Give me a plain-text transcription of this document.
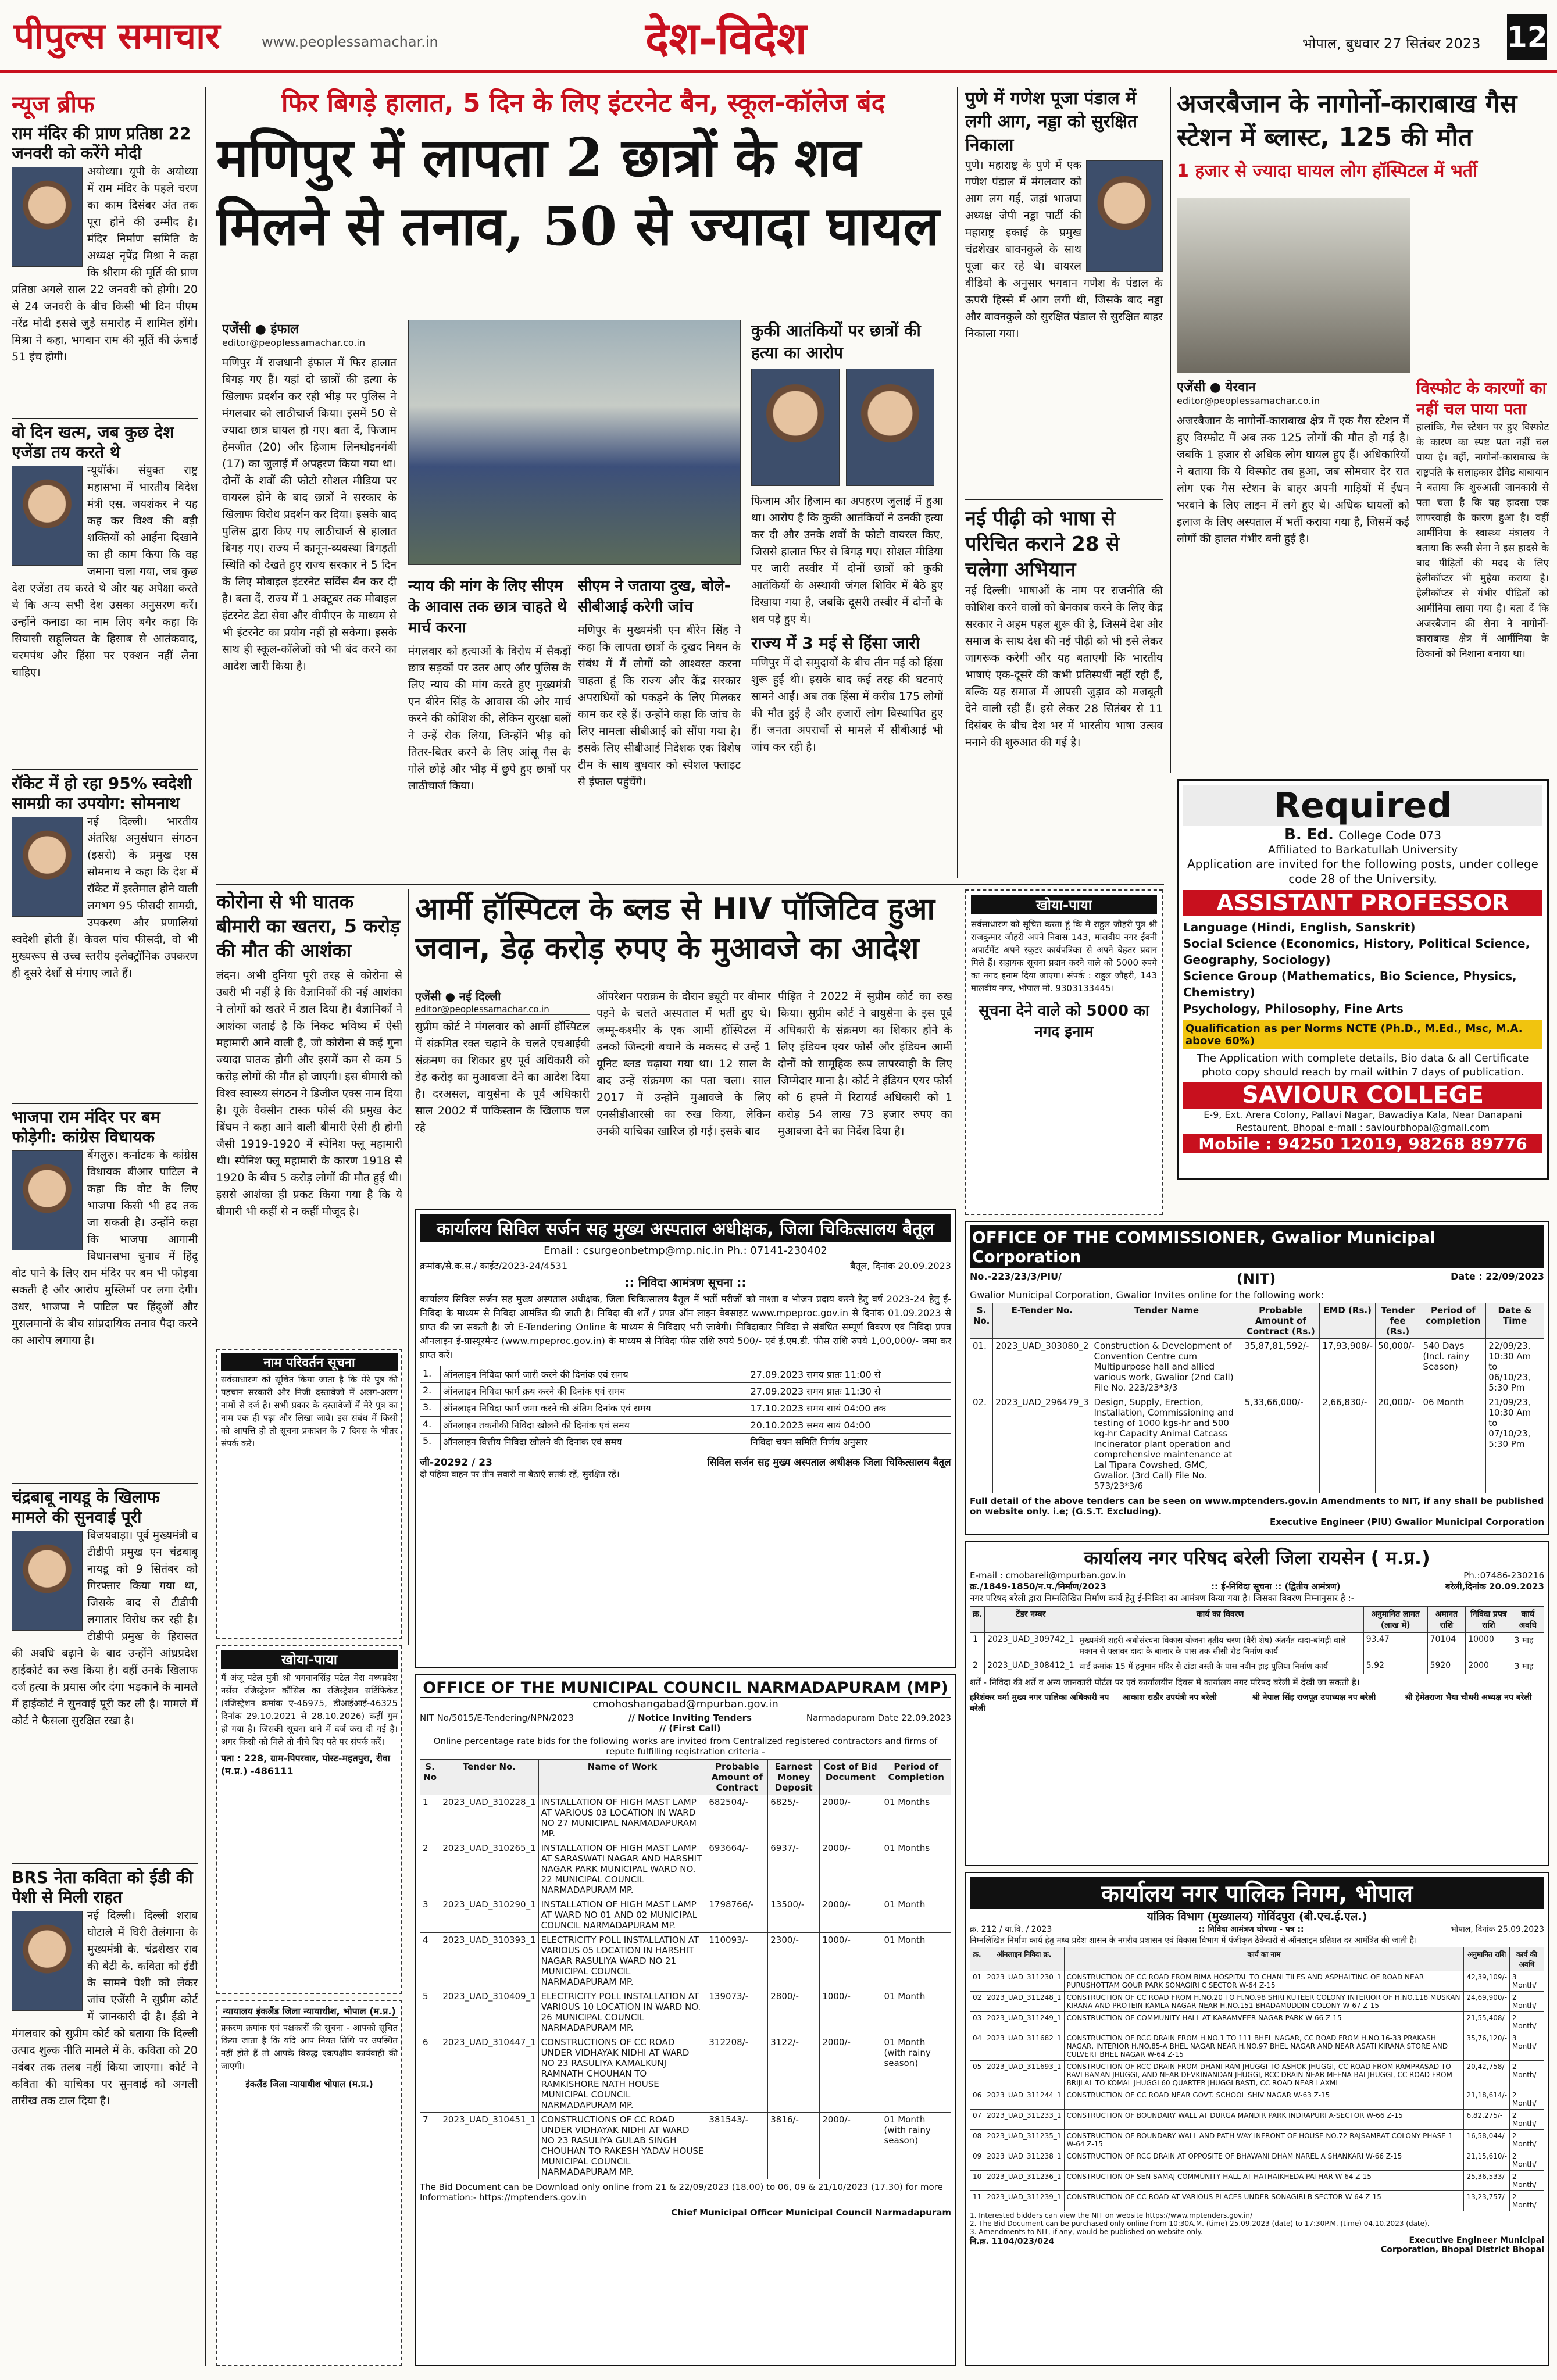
पीपुल्स समाचार	www.peoplessamachar.in	देश-विदेश	भोपाल, बुधवार 27 सितंबर 2023 12
न्यूज ब्रीफ
राम मंदिर की प्राण प्रतिष्ठा 22 जनवरी को करेंगे मोदी
अयोध्या। यूपी के अयोध्या में राम मंदिर के पहले चरण का काम दिसंबर अंत तक पूरा होने की उम्मीद है। मंदिर निर्माण समिति के अध्यक्ष नृपेंद्र मिश्रा ने कहा कि श्रीराम की मूर्ति की प्राण प्रतिष्ठा अगले साल 22 जनवरी को होगी। 20 से 24 जनवरी के बीच किसी भी दिन पीएम नरेंद्र मोदी इससे जुड़े समारोह में शामिल होंगे। मिश्रा ने कहा, भगवान राम की मूर्ति की ऊंचाई 51 इंच होगी।
वो दिन खत्म, जब कुछ देश एजेंडा तय करते थे
न्यूयॉर्क। संयुक्त राष्ट्र महासभा में भारतीय विदेश मंत्री एस. जयशंकर ने यह कह कर विश्व की बड़ी शक्तियों को आईना दिखाने का ही काम किया कि वह जमाना चला गया, जब कुछ देश एजेंडा तय करते थे और यह अपेक्षा करते थे कि अन्य सभी देश उसका अनुसरण करें। उन्होंने कनाडा का नाम लिए बगैर कहा कि सियासी सहूलियत के हिसाब से आतंकवाद, चरमपंथ और हिंसा पर एक्शन नहीं लेना चाहिए।
रॉकेट में हो रहा 95% स्वदेशी सामग्री का उपयोग: सोमनाथ
नई दिल्ली। भारतीय अंतरिक्ष अनुसंधान संगठन (इसरो) के प्रमुख एस सोमनाथ ने कहा कि देश में रॉकेट में इस्तेमाल होने वाली लगभग 95 फीसदी सामग्री, उपकरण और प्रणालियां स्वदेशी होती हैं। केवल पांच फीसदी, वो भी मुख्यरूप से उच्च स्तरीय इलेक्ट्रॉनिक उपकरण ही दूसरे देशों से मंगाए जाते हैं।
भाजपा राम मंदिर पर बम फोड़ेगी: कांग्रेस विधायक
बेंगलुरु। कर्नाटक के कांग्रेस विधायक बीआर पाटिल ने कहा कि वोट के लिए भाजपा किसी भी हद तक जा सकती है। उन्होंने कहा कि भाजपा आगामी विधानसभा चुनाव में हिंदू वोट पाने के लिए राम मंदिर पर बम भी फोड़वा सकती है और आरोप मुस्लिमों पर लगा देगी। उधर, भाजपा ने पाटिल पर हिंदुओं और मुसलमानों के बीच सांप्रदायिक तनाव पैदा करने का आरोप लगाया है।
चंद्रबाबू नायडू के खिलाफ मामले की सुनवाई पूरी
विजयवाड़ा। पूर्व मुख्यमंत्री व टीडीपी प्रमुख एन चंद्रबाबू नायडू को 9 सितंबर को गिरफ्तार किया गया था, जिसके बाद से टीडीपी लगातार विरोध कर रही है। टीडीपी प्रमुख के हिरासत की अवधि बढ़ाने के बाद उन्होंने आंध्रप्रदेश हाईकोर्ट का रुख किया है। वहीं उनके खिलाफ दर्ज हत्या के प्रयास और दंगा भड़काने के मामले में हाईकोर्ट ने सुनवाई पूरी कर ली है। मामले में कोर्ट ने फैसला सुरक्षित रखा है।
BRS नेता कविता को ईडी की पेशी से मिली राहत
नई दिल्ली। दिल्ली शराब घोटाले में घिरी तेलंगाना के मुख्यमंत्री के. चंद्रशेखर राव की बेटी के. कविता को ईडी के सामने पेशी को लेकर जांच एजेंसी ने सुप्रीम कोर्ट में जानकारी दी है। ईडी ने मंगलवार को सुप्रीम कोर्ट को बताया कि दिल्ली उत्पाद शुल्क नीति मामले में के. कविता को 20 नवंबर तक तलब नहीं किया जाएगा। कोर्ट ने कविता की याचिका पर सुनवाई को अगली तारीख तक टाल दिया है।
फिर बिगड़े हालात, 5 दिन के लिए इंटरनेट बैन, स्कूल-कॉलेज बंद
मणिपुर में लापता 2 छात्रों के शव मिलने से तनाव, 50 से ज्यादा घायल
एजेंसी ● इंफाल
editor@peoplessamachar.co.in
मणिपुर में राजधानी इंफाल में फिर हालात बिगड़ गए हैं। यहां दो छात्रों की हत्या के खिलाफ प्रदर्शन कर रही भीड़ पर पुलिस ने मंगलवार को लाठीचार्ज किया। इसमें 50 से ज्यादा छात्र घायल हो गए। बता दें, फिजाम हेमजीत (20) और हिजाम लिनथोइनगंबी (17) का जुलाई में अपहरण किया गया था। दोनों के शवों की फोटो सोशल मीडिया पर वायरल होने के बाद छात्रों ने सरकार के खिलाफ विरोध प्रदर्शन कर दिया। इसके बाद पुलिस द्वारा किए गए लाठीचार्ज से हालात बिगड़ गए। राज्य में कानून-व्यवस्था बिगड़ती स्थिति को देखते हुए राज्य सरकार ने 5 दिन के लिए मोबाइल इंटरनेट सर्विस बैन कर दी है। बता दें, राज्य में 1 अक्टूबर तक मोबाइल इंटरनेट डेटा सेवा और वीपीएन के माध्यम से भी इंटरनेट का प्रयोग नहीं हो सकेगा। इसके साथ ही स्कूल-कॉलेजों को भी बंद करने का आदेश जारी किया है।
न्याय की मांग के लिए सीएम के आवास तक छात्र चाहते थे मार्च करना
मंगलवार को हत्याओं के विरोध में सैकड़ों छात्र सड़कों पर उतर आए और पुलिस के लिए न्याय की मांग करते हुए मुख्यमंत्री एन बीरेन सिंह के आवास की ओर मार्च करने की कोशिश की, लेकिन सुरक्षा बलों ने उन्हें रोक लिया, जिन्होंने भीड़ को तितर-बितर करने के लिए आंसू गैस के गोले छोड़े और भीड़ में छुपे हुए छात्रों पर लाठीचार्ज किया।
सीएम ने जताया दुख, बोले-सीबीआई करेगी जांच
मणिपुर के मुख्यमंत्री एन बीरेन सिंह ने कहा कि लापता छात्रों के दुखद निधन के संबंध में मैं लोगों को आश्वस्त करना चाहता हूं कि राज्य और केंद्र सरकार अपराधियों को पकड़ने के लिए मिलकर काम कर रहे हैं। उन्होंने कहा कि जांच के लिए मामला सीबीआई को सौंपा गया है। इसके लिए सीबीआई निदेशक एक विशेष टीम के साथ बुधवार को स्पेशल फ्लाइट से इंफाल पहुंचेंगे।
कुकी आतंकियों पर छात्रों की हत्या का आरोप

फिजाम और हिजाम का अपहरण जुलाई में हुआ था। आरोप है कि कुकी आतंकियों ने उनकी हत्या कर दी और उनके शवों के फोटो वायरल किए, जिससे हालात फिर से बिगड़ गए। सोशल मीडिया पर जारी तस्वीर में दोनों छात्रों को कुकी आतंकियों के अस्थायी जंगल शिविर में बैठे हुए दिखाया गया है, जबकि दूसरी तस्वीर में दोनों के शव पड़े हुए थे।
राज्य में 3 मई से हिंसा जारी
मणिपुर में दो समुदायों के बीच तीन मई को हिंसा शुरू हुई थी। इसके बाद कई तरह की घटनाएं सामने आईं। अब तक हिंसा में करीब 175 लोगों की मौत हुई है और हजारों लोग विस्थापित हुए हैं। जनता अपराधों से मामले में सीबीआई भी जांच कर रही है।
पुणे में गणेश पूजा पंडाल में लगी आग, नड्डा को सुरक्षित निकाला
पुणे। महाराष्ट्र के पुणे में एक गणेश पंडाल में मंगलवार को आग लग गई, जहां भाजपा अध्यक्ष जेपी नड्डा पार्टी की महाराष्ट्र इकाई के प्रमुख चंद्रशेखर बावनकुले के साथ पूजा कर रहे थे। वायरल वीडियो के अनुसार भगवान गणेश के पंडाल के ऊपरी हिस्से में आग लगी थी, जिसके बाद नड्डा और बावनकुले को सुरक्षित पंडाल से सुरक्षित बाहर निकाला गया।
नई पीढ़ी को भाषा से परिचित कराने 28 से चलेगा अभियान
नई दिल्ली। भाषाओं के नाम पर राजनीति की कोशिश करने वालों को बेनकाब करने के लिए केंद्र सरकार ने अहम पहल शुरू की है, जिसमें देश और समाज के साथ देश की नई पीढ़ी को भी इसे लेकर जागरूक करेगी और यह बताएगी कि भारतीय भाषाएं एक-दूसरे की कभी प्रतिस्पर्धी नहीं रही हैं, बल्कि यह समाज में आपसी जुड़ाव को मजबूती देने वाली रही हैं। इसे लेकर 28 सितंबर से 11 दिसंबर के बीच देश भर में भारतीय भाषा उत्सव मनाने की शुरुआत की गई है।
अजरबैजान के नागोर्नो-काराबाख गैस स्टेशन में ब्लास्ट, 125 की मौत
1 हजार से ज्यादा घायल लोग हॉस्पिटल में भर्ती
विस्फोट के कारणों का नहीं चल पाया पता
हालांकि, गैस स्टेशन पर हुए विस्फोट के कारण का स्पष्ट पता नहीं चल पाया है। वहीं, नागोर्नो-काराबाख के राष्ट्रपति के सलाहकार डेविड बाबायान ने बताया कि शुरुआती जानकारी से पता चला है कि यह हादसा एक लापरवाही के कारण हुआ है। वहीं आर्मीनिया के स्वास्थ्य मंत्रालय ने बताया कि रूसी सेना ने इस हादसे के बाद पीड़ितों की मदद के लिए हेलीकॉप्टर भी मुहैया कराया है। हेलीकॉप्टर से गंभीर पीड़ितों को आर्मीनिया लाया गया है। बता दें कि अजरबैजान की सेना ने नागोर्नो-काराबाख क्षेत्र में आर्मीनिया के ठिकानों को निशाना बनाया था।
एजेंसी ● येरवान
editor@peoplessamachar.co.in
अजरबैजान के नागोर्नो-काराबाख क्षेत्र में एक गैस स्टेशन में हुए विस्फोट में अब तक 125 लोगों की मौत हो गई है। जबकि 1 हजार से अधिक लोग घायल हुए हैं। अधिकारियों ने बताया कि ये विस्फोट तब हुआ, जब सोमवार देर रात लोग एक गैस स्टेशन के बाहर अपनी गाड़ियों में ईंधन भरवाने के लिए लाइन में लगे हुए थे। अधिक घायलों को इलाज के लिए अस्पताल में भर्ती कराया गया है, जिसमें कई लोगों की हालत गंभीर बनी हुई है।
कोरोना से भी घातक बीमारी का खतरा, 5 करोड़ की मौत की आशंका
लंदन। अभी दुनिया पूरी तरह से कोरोना से उबरी भी नहीं है कि वैज्ञानिकों की नई आशंका ने लोगों को खतरे में डाल दिया है। वैज्ञानिकों ने आशंका जताई है कि निकट भविष्य में ऐसी महामारी आने वाली है, जो कोरोना से कई गुना ज्यादा घातक होगी और इसमें कम से कम 5 करोड़ लोगों की मौत हो जाएगी। इस बीमारी को विश्व स्वास्थ्य संगठन ने डिजीज एक्स नाम दिया है। यूके वैक्सीन टास्क फोर्स की प्रमुख केट बिंघम ने कहा आने वाली बीमारी ऐसी ही होगी जैसी 1919-1920 में स्पेनिश फ्लू महामारी थी। स्पेनिश फ्लू महामारी के कारण 1918 से 1920 के बीच 5 करोड़ लोगों की मौत हुई थी। इससे आशंका ही प्रकट किया गया है कि ये बीमारी भी कहीं से न कहीं मौजूद है।
आर्मी हॉस्पिटल के ब्लड से HIV पॉजिटिव हुआ जवान, डेढ़ करोड़ रुपए के मुआवजे का आदेश
एजेंसी ● नई दिल्ली
editor@peoplessamachar.co.in
सुप्रीम कोर्ट ने मंगलवार को आर्मी हॉस्पिटल में संक्रमित रक्त चढ़ाने के चलते एचआईवी संक्रमण का शिकार हुए पूर्व अधिकारी को डेढ़ करोड़ का मुआवजा देने का आदेश दिया है। दरअसल, वायुसेना के पूर्व अधिकारी साल 2002 में पाकिस्तान के खिलाफ चल रहे
ऑपरेशन पराक्रम के दौरान ड्यूटी पर बीमार पड़ने के चलते अस्पताल में भर्ती हुए थे। जम्मू-कश्मीर के एक आर्मी हॉस्पिटल में उनको जिन्दगी बचाने के मकसद से उन्हें 1 यूनिट ब्लड चढ़ाया गया था। 12 साल के बाद उन्हें संक्रमण का पता चला। साल 2017 में उन्होंने मुआवजे के लिए एनसीडीआरसी का रुख किया, लेकिन उनकी याचिका खारिज हो गई। इसके बाद
पीड़ित ने 2022 में सुप्रीम कोर्ट का रुख किया। सुप्रीम कोर्ट ने वायुसेना के इस पूर्व अधिकारी के संक्रमण का शिकार होने के लिए इंडियन एयर फोर्स और इंडियन आर्मी दोनों को सामूहिक रूप लापरवाही के लिए जिम्मेदार माना है। कोर्ट ने इंडियन एयर फोर्स को 6 हफ्ते में रिटायर्ड अधिकारी को 1 करोड़ 54 लाख 73 हजार रुपए का मुआवजा देने का निर्देश दिया है।
खोया-पाया
सर्वसाधारण को सूचित करता हूं कि मैं राहुल जौहरी पुत्र श्री राजकुमार जौहरी अपने निवास 143, मालवीय नगर ईवनी अपार्टमेंट अपने स्कूटर कार्यपत्रिका से अपने बेहतर प्रदान मिले हैं। सहायक सूचना प्रदान करने वाले को 5000 रुपये का नगद इनाम दिया जाएगा। संपर्क : राहुल जौहरी, 143 मालवीय नगर, भोपाल मो. 9303133445।
सूचना देने वाले को 5000 का नगद इनाम
Required
B. Ed. College Code 073
Affiliated to Barkatullah University
Application are invited for the following posts, under college code 28 of the University.
ASSISTANT PROFESSOR
Language (Hindi, English, Sanskrit)
Social Science (Economics, History, Political Science, Geography, Sociology)
Science Group (Mathematics, Bio Science, Physics, Chemistry)
Psychology, Philosophy, Fine Arts
Qualification as per Norms NCTE (Ph.D., M.Ed., Msc, M.A. above 60%)
The Application with complete details, Bio data & all Certificate photo copy should reach by mail within 7 days of publication.
SAVIOUR COLLEGE
E-9, Ext. Arera Colony, Pallavi Nagar, Bawadiya Kala, Near Danapani Restaurent, Bhopal e-mail : saviourbhopal@gmail.com
Mobile : 94250 12019, 98268 89776
OFFICE OF THE COMMISSIONER, Gwalior Municipal Corporation
No.-223/23/3/PIU/	(NIT)	Date : 22/09/2023
Gwalior Municipal Corporation, Gwalior Invites online for the following work:
S. No.	E-Tender No.	Tender Name	Probable Amount of Contract (Rs.)	EMD (Rs.)	Tender fee (Rs.)	Period of completion	Date & Time
01.	2023_UAD_303080_2	Construction & Development of Convention Centre cum Multipurpose hall and allied various work, Gwalior (2nd Call) File No. 223/23*3/3	35,87,81,592/-	17,93,908/-	50,000/-	540 Days (Incl. rainy Season)	22/09/23, 10:30 Am to 06/10/23, 5:30 Pm
02.	2023_UAD_296479_3	Design, Supply, Erection, Installation, Commissioning and testing of 1000 kgs-hr and 500 kg-hr Capacity Animal Catcass Incinerator plant operation and comprehensive maintenance at Lal Tipara Cowshed, GMC, Gwalior. (3rd Call) File No. 573/23*3/6	5,33,66,000/-	2,66,830/-	20,000/-	06 Month	21/09/23, 10:30 Am to 07/10/23, 5:30 Pm
Full detail of the above tenders can be seen on www.mptenders.gov.in Amendments to NIT, if any shall be published on website only. i.e; (G.S.T. Excluding).
Executive Engineer (PIU) Gwalior Municipal Corporation
नाम परिवर्तन सूचना
सर्वसाधारण को सूचित किया जाता है कि मेरे पुत्र की पहचान सरकारी और निजी दस्तावेजों में अलग-अलग नामों से दर्ज है। सभी प्रकार के दस्तावेजों में मेरे पुत्र का नाम एक ही पढ़ा और लिखा जावे। इस संबंध में किसी को आपत्ति हो तो सूचना प्रकाशन के 7 दिवस के भीतर संपर्क करें।
कार्यालय सिविल सर्जन सह मुख्य अस्पताल अधीक्षक, जिला चिकित्सालय बैतूल
Email : csurgeonbetmp@mp.nic.in Ph.: 07141-230402
क्रमांक/से.क.स./ काईट/2023-24/4531	बैतूल, दिनांक 20.09.2023
:: निविदा आमंत्रण सूचना ::
कार्यालय सिविल सर्जन सह मुख्य अस्पताल अधीक्षक, जिला चिकित्सालय बैतूल में भर्ती मरीजों को नाश्ता व भोजन प्रदाय करने हेतु वर्ष 2023-24 हेतु ई-निविदा के माध्यम से निविदा आमंत्रित की जाती है। निविदा की शर्तें / प्रपत्र ऑन लाइन वेबसाइट www.mpeproc.gov.in से दिनांक 01.09.2023 से प्राप्त की जा सकती है। जो E-Tendering Online के माध्यम से निविदाएं भरी जावेगी। निविदाकार निविदा से संबंधित सम्पूर्ण विवरण एवं निविदा प्रपत्र ऑनलाइन ई-प्रास्यूरमेन्ट (www.mpeproc.gov.in) के माध्यम से निविदा फीस राशि रुपये 500/- एवं ई.एम.डी. फीस राशि रुपये 1,00,000/- जमा कर प्राप्त करें।
1.	ऑनलाइन निविदा फार्म जारी करने की दिनांक एवं समय	27.09.2023 समय प्रातः 11:00 से
2.	ऑनलाइन निविदा फार्म क्रय करने की दिनांक एवं समय	27.09.2023 समय प्रातः 11:30 से
3.	ऑनलाइन निविदा फार्म जमा करने की अंतिम दिनांक एवं समय	17.10.2023 समय सायं 04:00 तक
4.	ऑनलाइन तकनीकी निविदा खोलने की दिनांक एवं समय	20.10.2023 समय सायं 04:00
5.	ऑनलाइन वित्तीय निविदा खोलने की दिनांक एवं समय	निविदा चयन समिति निर्णय अनुसार
जी-20292 / 23	सिविल सर्जन सह मुख्य अस्पताल अधीक्षक जिला चिकित्सालय बैतूल
दो पहिया वाहन पर तीन सवारी ना बैठाएं सतर्क रहें, सुरक्षित रहें।
खोया-पाया
मैं अंजू पटेल पुत्री श्री भगवानसिंह पटेल मेरा मध्यप्रदेश नर्सेस रजिस्ट्रेशन कौंसिल का रजिस्ट्रेशन सर्टिफिकेट (रजिस्ट्रेशन क्रमांक ए-46975, डीआईआई-46325 दिनांक 29.10.2021 से 28.10.2026) कहीं गुम हो गया है। जिसकी सूचना थाने में दर्ज करा दी गई है। अगर किसी को मिले तो नीचे दिए पते पर संपर्क करें।
पता : 228, ग्राम-पिपरवार, पोस्ट-महतपुरा, रीवा (म.प्र.) -486111
न्यायालय इंकलैंड जिला न्यायाधीश, भोपाल (म.प्र.)
प्रकरण क्रमांक एवं पक्षकारों की सूचना - आपको सूचित किया जाता है कि यदि आप नियत तिथि पर उपस्थित नहीं होते हैं तो आपके विरुद्ध एकपक्षीय कार्यवाही की जाएगी।
इंकलैंड जिला न्यायाधीश भोपाल (म.प्र.)
OFFICE OF THE MUNICIPAL COUNCIL NARMADAPURAM (MP)
cmohoshangabad@mpurban.gov.in
NIT No/5015/E-Tendering/NPN/2023	// Notice Inviting Tenders // (First Call)
Narmadapuram Date 22.09.2023
Online percentage rate bids for the following works are invited from Centralized registered contractors and firms of repute fulfilling registration criteria -
S. No	Tender No.	Name of Work	Probable Amount of Contract	Earnest Money Deposit	Cost of Bid Document	Period of Completion
1	2023_UAD_310228_1	INSTALLATION OF HIGH MAST LAMP AT VARIOUS 03 LOCATION IN WARD NO 27 MUNICIPAL NARMADAPURAM MP.	682504/-	6825/-	2000/-	01 Months
2	2023_UAD_310265_1	INSTALLATION OF HIGH MAST LAMP AT SARASWATI NAGAR AND HARSHIT NAGAR PARK MUNICIPAL WARD NO. 22 MUNICIPAL COUNCIL NARMADAPURAM MP.	693664/-	6937/-	2000/-	01 Months
3	2023_UAD_310290_1	INSTALLATION OF HIGH MAST LAMP AT WARD NO 01 AND 02 MUNICIPAL COUNCIL NARMADAPURAM MP.	1798766/-	13500/-	2000/-	01 Month
4	2023_UAD_310393_1	ELECTRICITY POLL INSTALLATION AT VARIOUS 05 LOCATION IN HARSHIT NAGAR RASULIYA WARD NO 21 MUNICIPAL COUNCIL NARMADAPURAM MP.	110093/-	2300/-	1000/-	01 Month
5	2023_UAD_310409_1	ELECTRICITY POLL INSTALLATION AT VARIOUS 10 LOCATION IN WARD NO. 26 MUNICIPAL COUNCIL NARMADAPURAM MP.	139073/-	2800/-	1000/-	01 Month
6	2023_UAD_310447_1	CONSTRUCTIONS OF CC ROAD UNDER VIDHAYAK NIDHI AT WARD NO 23 RASULIYA KAMALKUNJ RAMNATH CHOUHAN TO RAMKISHORE NATH HOUSE MUNICIPAL COUNCIL NARMADAPURAM MP.	312208/-	3122/-	2000/-	01 Month (with rainy season)
7	2023_UAD_310451_1	CONSTRUCTIONS OF CC ROAD UNDER VIDHAYAK NIDHI AT WARD NO 23 RASULIYA GULAB SINGH CHOUHAN TO RAKESH YADAV HOUSE MUNICIPAL COUNCIL NARMADAPURAM MP.	381543/-	3816/-	2000/-	01 Month (with rainy season)
The Bid Document can be Download only online from 21 & 22/09/2023 (18.00) to 06, 09 & 21/10/2023 (17.30) for more Information:- https://mptenders.gov.in
Chief Municipal Officer Municipal Council Narmadapuram
कार्यालय नगर परिषद बरेली जिला रायसेन ( म.प्र.)
E-mail : cmobareli@mpurban.gov.in	Ph.:07486-230216
क्र./1849-1850/न.प./निर्माण/2023	:: ई-निविदा सूचना :: (द्वितीय आमंत्रण)	बरेली,दिनांक 20.09.2023
नगर परिषद बरेली द्वारा निम्नलिखित निर्माण कार्य हेतु ई-निविदा का आमंत्रण किया गया है। जिसका विवरण निम्नानुसार है :-
क्र.	टेंडर नम्बर	कार्य का विवरण	अनुमानित लागत (लाख में)	अमानत राशि	निविदा प्रपत्र राशि	कार्य अवधि
1	2023_UAD_309742_1	मुख्यमंत्री शहरी अधोसंरचना विकास योजना तृतीय चरण (वैरी शेष) अंतर्गत दादा-बांगड़ी वाले मकान से फ्लावर दादा के बाजार के पास तक सीसी रोड निर्माण कार्य	93.47	70104	10000	3 माह
2	2023_UAD_308412_1	वार्ड क्रमांक 15 में हनुमान मंदिर से टांडा बस्ती के पास नवीन हाइ पुलिया निर्माण कार्य	5.92	5920	2000	3 माह
शर्तें - निविदा की शर्तें व अन्य जानकारी पोर्टल पर एवं कार्यालयीन दिवस में कार्यालय नगर परिषद बरेली में देखी जा सकती है।
हरिशंकर वर्मा मुख्य नगर पालिका अधिकारी नप बरेली
आकाश राठौर उपयंत्री नप बरेली	श्री नेपाल सिंह राजपूत उपाध्यक्ष नप बरेली	श्री हेमेंतराजा भैया चौधरी अध्यक्ष नप बरेली
कार्यालय नगर पालिक निगम, भोपाल
यांत्रिक विभाग (मुख्यालय) गोविंदपुरा (बी.एच.ई.एल.)
क्र. 212 / या.वि. / 2023	:: निविदा आमंत्रण घोषणा - पत्र ::	भोपाल, दिनांक 25.09.2023
निम्नलिखित निर्माण कार्य हेतु मध्य प्रदेश शासन के नगरीय प्रशासन एवं विकास विभाग में पंजीकृत ठेकेदारों से ऑनलाइन प्रतिशत दर आमंत्रित की जाती है।
क्र.	ऑनलाइन निविदा क्र.	कार्य का नाम	अनुमानित राशि	कार्य की अवधि
01	2023_UAD_311230_1	CONSTRUCTION OF CC ROAD FROM BIMA HOSPITAL TO CHANI TILES AND ASPHALTING OF ROAD NEAR PURUSHOTTAM GOUR PARK SONAGIRI C SECTOR W-64 Z-15	42,39,109/-	3 Month/
02	2023_UAD_311248_1	CONSTRUCTION OF CC ROAD FROM H.NO.20 TO H.NO.98 SHRI KUTEER COLONY INTERIOR OF H.NO.118 MUSKAN KIRANA AND PROTEIN KAMLA NAGAR NEAR H.NO.151 BHADAMUDDIN COLONY W-67 Z-15	24,69,900/-	2 Month/
03	2023_UAD_311249_1	CONSTRUCTION OF COMMUNITY HALL AT KARAMVEER NAGAR PARK W-66 Z-15	21,55,408/-	2 Month/
04	2023_UAD_311682_1	CONSTRUCTION OF RCC DRAIN FROM H.NO.1 TO 111 BHEL NAGAR, CC ROAD FROM H.NO.16-33 PRAKASH NAGAR, INTERIOR H.NO.85-A BHEL NAGAR NEAR H.NO.97 BHEL NAGAR AND NEAR ASATI KIRANA STORE AND CULVERT BHEL NAGAR W-64 Z-15	35,76,120/-	3 Month/
05	2023_UAD_311693_1	CONSTRUCTION OF RCC DRAIN FROM DHANI RAM JHUGGI TO ASHOK JHUGGI, CC ROAD FROM RAMPRASAD TO RAVI BAMAN JHUGGI, AND NEAR DEVKINANDAN JHUGGI, RCC DRAIN NEAR MEENA BAI JHUGGI, CC ROAD FROM BRIJLAL TO KOMAL JHUGGI 60 QUARTER JHUGGI BASTI, CC ROAD NEAR LAXMI	20,42,758/-	2 Month/
06	2023_UAD_311244_1	CONSTRUCTION OF CC ROAD NEAR GOVT. SCHOOL SHIV NAGAR W-63 Z-15	21,18,614/-	2 Month/
07	2023_UAD_311233_1	CONSTRUCTION OF BOUNDARY WALL AT DURGA MANDIR PARK INDRAPURI A-SECTOR W-66 Z-15	6,82,275/-	2 Month/
08	2023_UAD_311235_1	CONSTRUCTION OF BOUNDARY WALL AND PATH WAY INFRONT OF HOUSE NO.72 RAJSAMRAT COLONY PHASE-1 W-64 Z-15	16,58,044/-	2 Month/
09	2023_UAD_311238_1	CONSTRUCTION OF RCC DRAIN AT OPPOSITE OF BHAWANI DHAM NAREL A SHANKARI W-66 Z-15	21,15,610/-	2 Month/
10	2023_UAD_311236_1	CONSTRUCTION OF SEN SAMAJ COMMUNITY HALL AT HATHAIKHEDA PATHAR W-64 Z-15	25,36,533/-	2 Month/
11	2023_UAD_311239_1	CONSTRUCTION OF CC ROAD AT VARIOUS PLACES UNDER SONAGIRI B SECTOR W-64 Z-15	13,23,757/-	2 Month/
1. Interested bidders can view the NIT on website https://www.mptenders.gov.in/
2. The Bid Document can be purchased only online from 10:30A.M. (time) 25.09.2023 (date) to 17:30P.M. (time) 04.10.2023 (date).
3. Amendments to NIT, if any, would be published on website only.
नि.क्र. 1104/023/024	Executive Engineer Municipal Corporation, Bhopal District Bhopal
